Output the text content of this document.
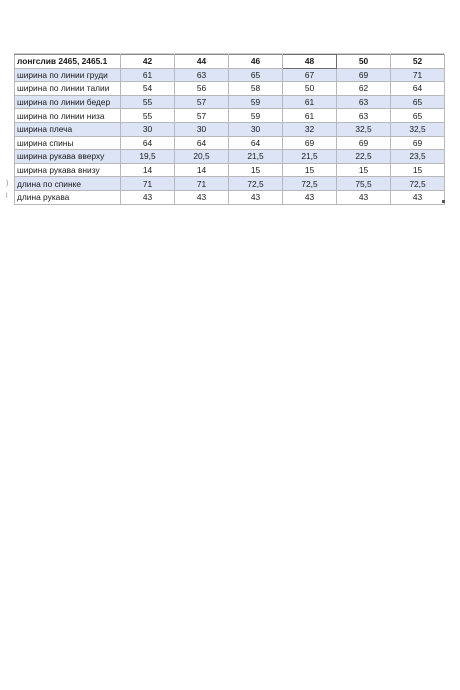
)
l
лонгслив 2465, 2465.1	42	44	46	48	50	52
ширина по линии груди	61	63	65	67	69	71
ширина по линии талии	54	56	58	50	62	64
ширина по линии бедер	55	57	59	61	63	65
ширина по линии низа	55	57	59	61	63	65
ширина плеча	30	30	30	32	32,5	32,5
ширина спины	64	64	64	69	69	69
ширина рукава вверху	19,5	20,5	21,5	21,5	22,5	23,5
ширина рукава внизу	14	14	15	15	15	15
длина по спинке	71	71	72,5	72,5	75,5	72,5
длина рукава	43	43	43	43	43	43
